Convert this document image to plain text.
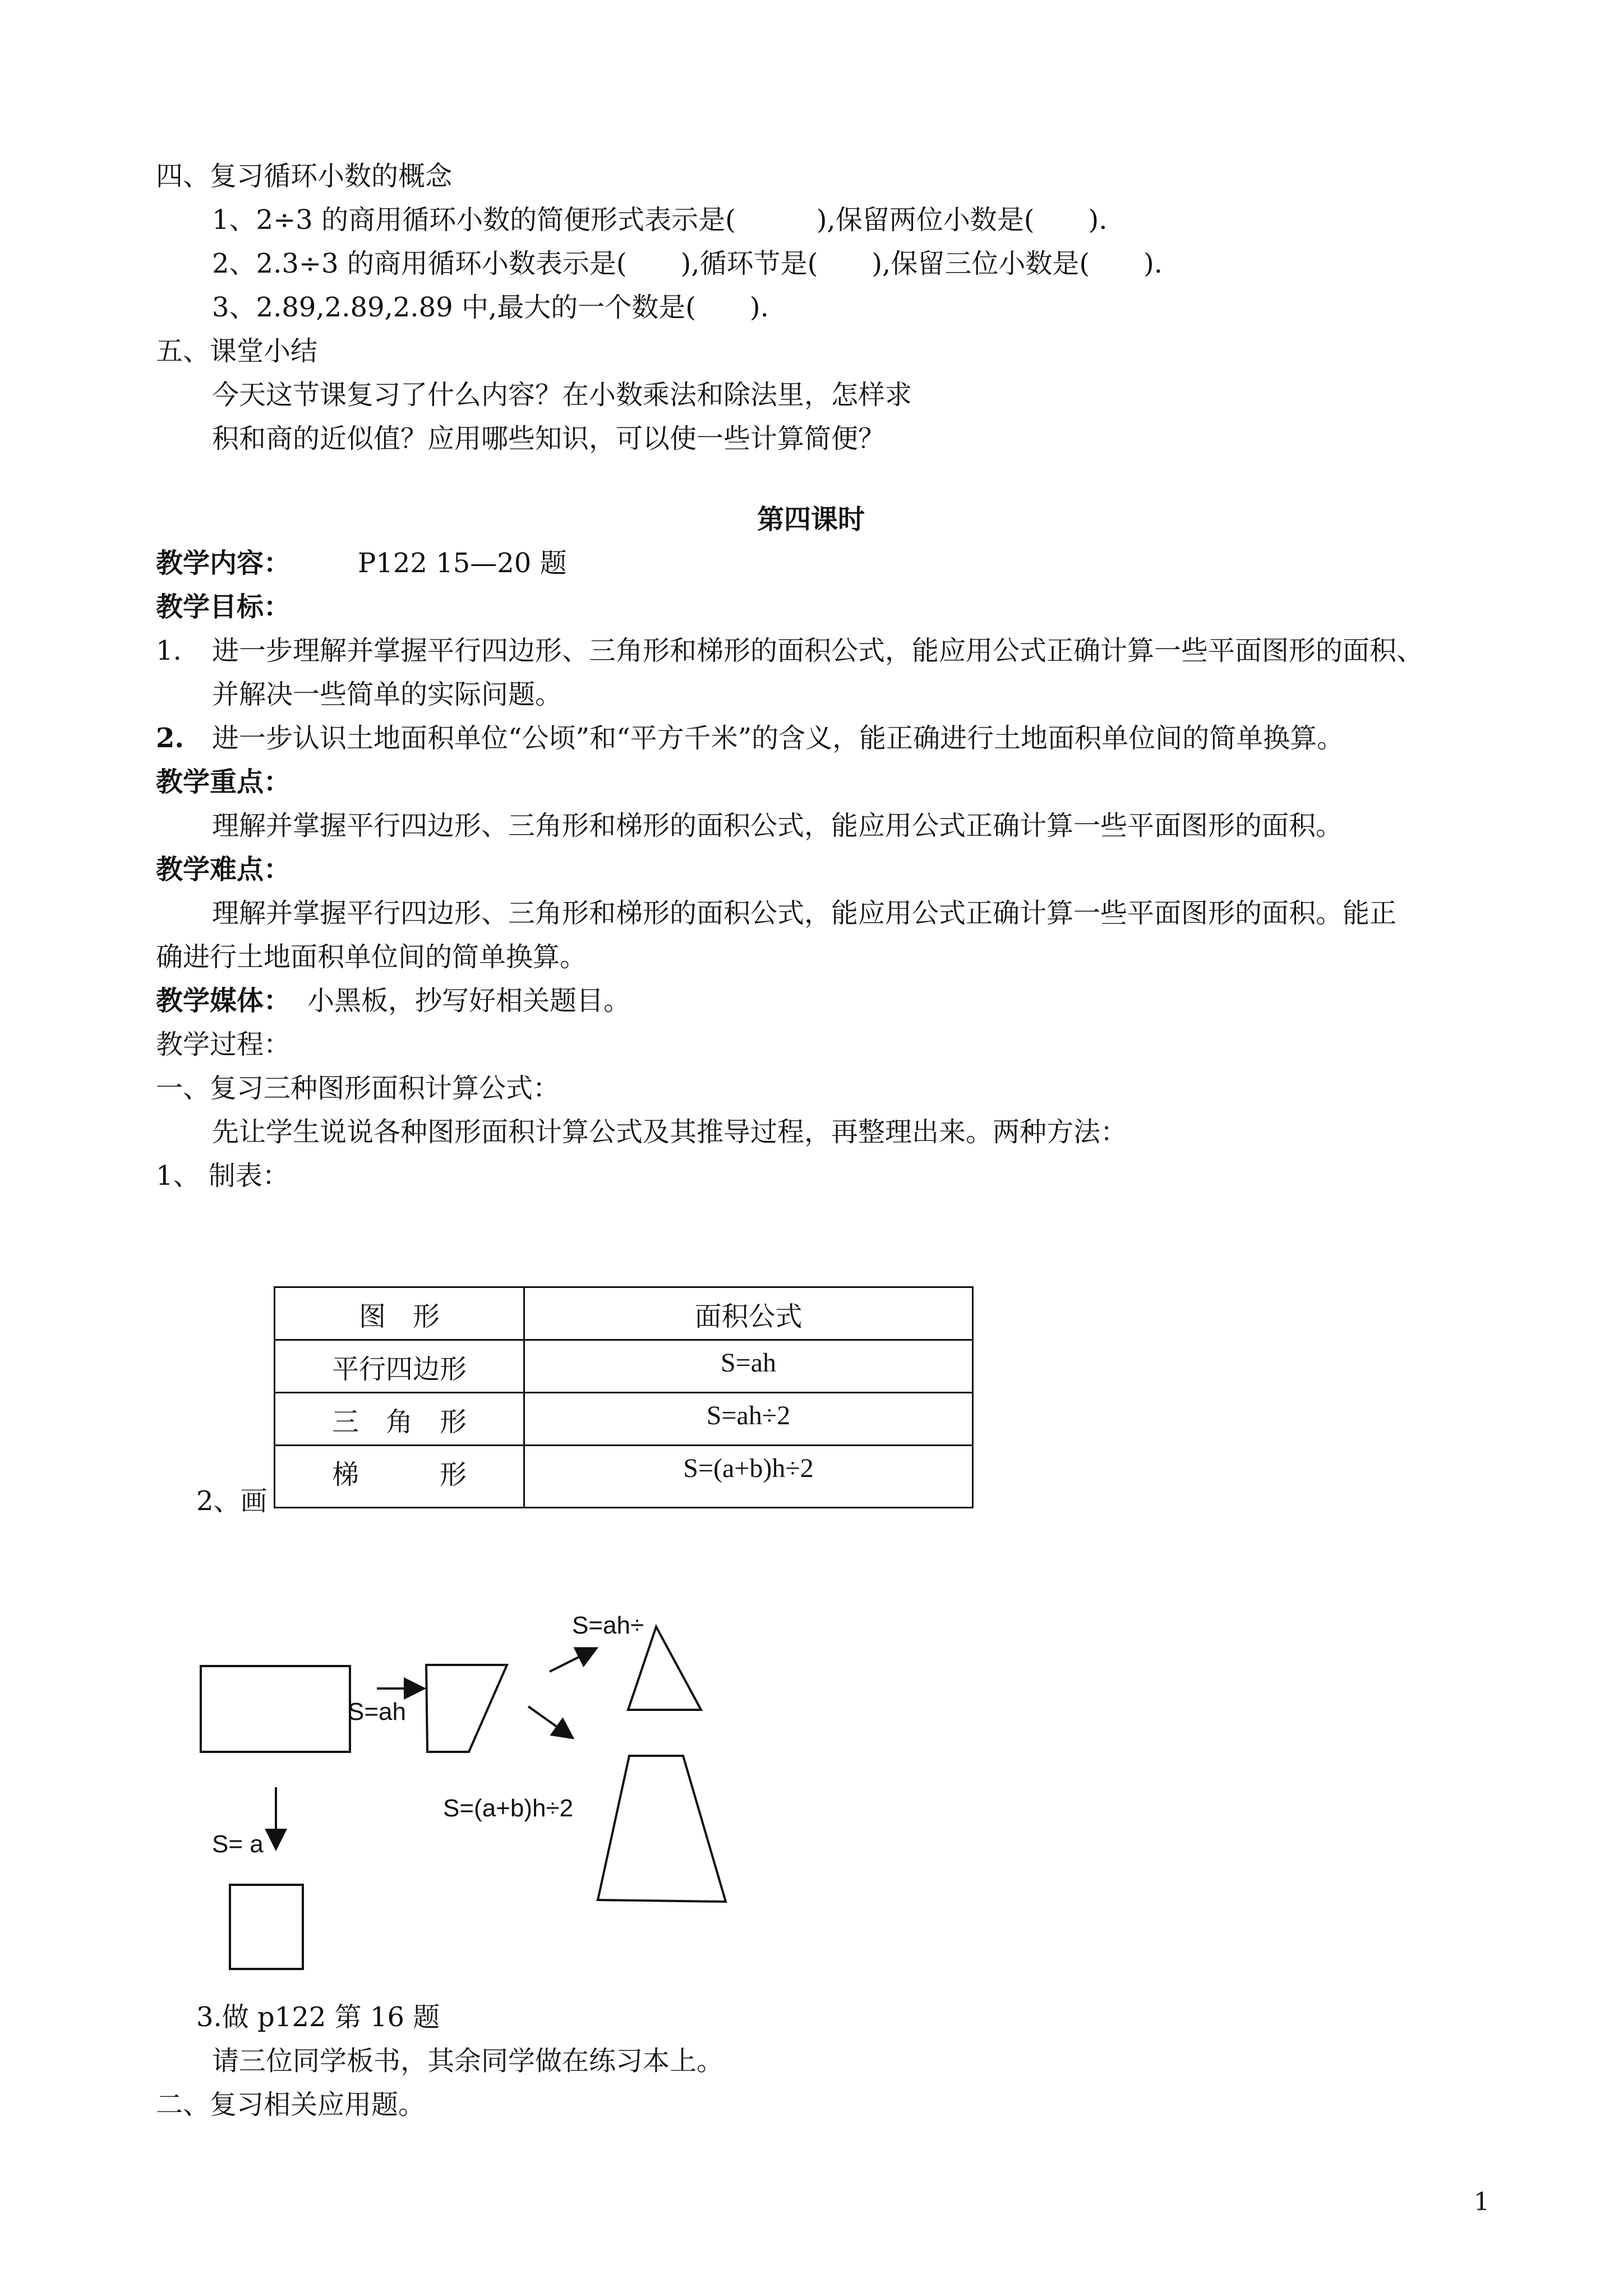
四、复习循环小数的概念
1、2÷3 的商用循环小数的简便形式表示是(　　　),保留两位小数是(　　).
2、2.3÷3 的商用循环小数表示是(　　),循环节是(　　),保留三位小数是(　　).
3、2.89,2.89,2.89 中,最大的一个数是(　　).
五、课堂小结
今天这节课复习了什么内容？在小数乘法和除法里，怎样求
积和商的近似值？应用哪些知识，可以使一些计算简便？
第四课时
教学内容：	P122 15—20 题
教学目标：
1. 进一步理解并掌握平行四边形、三角形和梯形的面积公式，能应用公式正确计算一些平面图形的面积、
并解决一些简单的实际问题。
2. 进一步认识土地面积单位“公顷”和“平方千米”的含义，能正确进行土地面积单位间的简单换算。
教学重点：
理解并掌握平行四边形、三角形和梯形的面积公式，能应用公式正确计算一些平面图形的面积。
教学难点：
理解并掌握平行四边形、三角形和梯形的面积公式，能应用公式正确计算一些平面图形的面积。能正
确进行土地面积单位间的简单换算。
教学媒体： 小黑板，抄写好相关题目。
教学过程：
一、复习三种图形面积计算公式：
先让学生说说各种图形面积计算公式及其推导过程，再整理出来。两种方法：
1、 制表：
图　形	面积公式
平行四边形	S=ah
三　角　形	S=ah÷2
梯　　　形	S=(a+b)h÷2
2、画
S=ah
S=ah÷
S=(a+b)h÷2
S= a
3.做 p122 第 16 题
请三位同学板书，其余同学做在练习本上。
二、复习相关应用题。
1
